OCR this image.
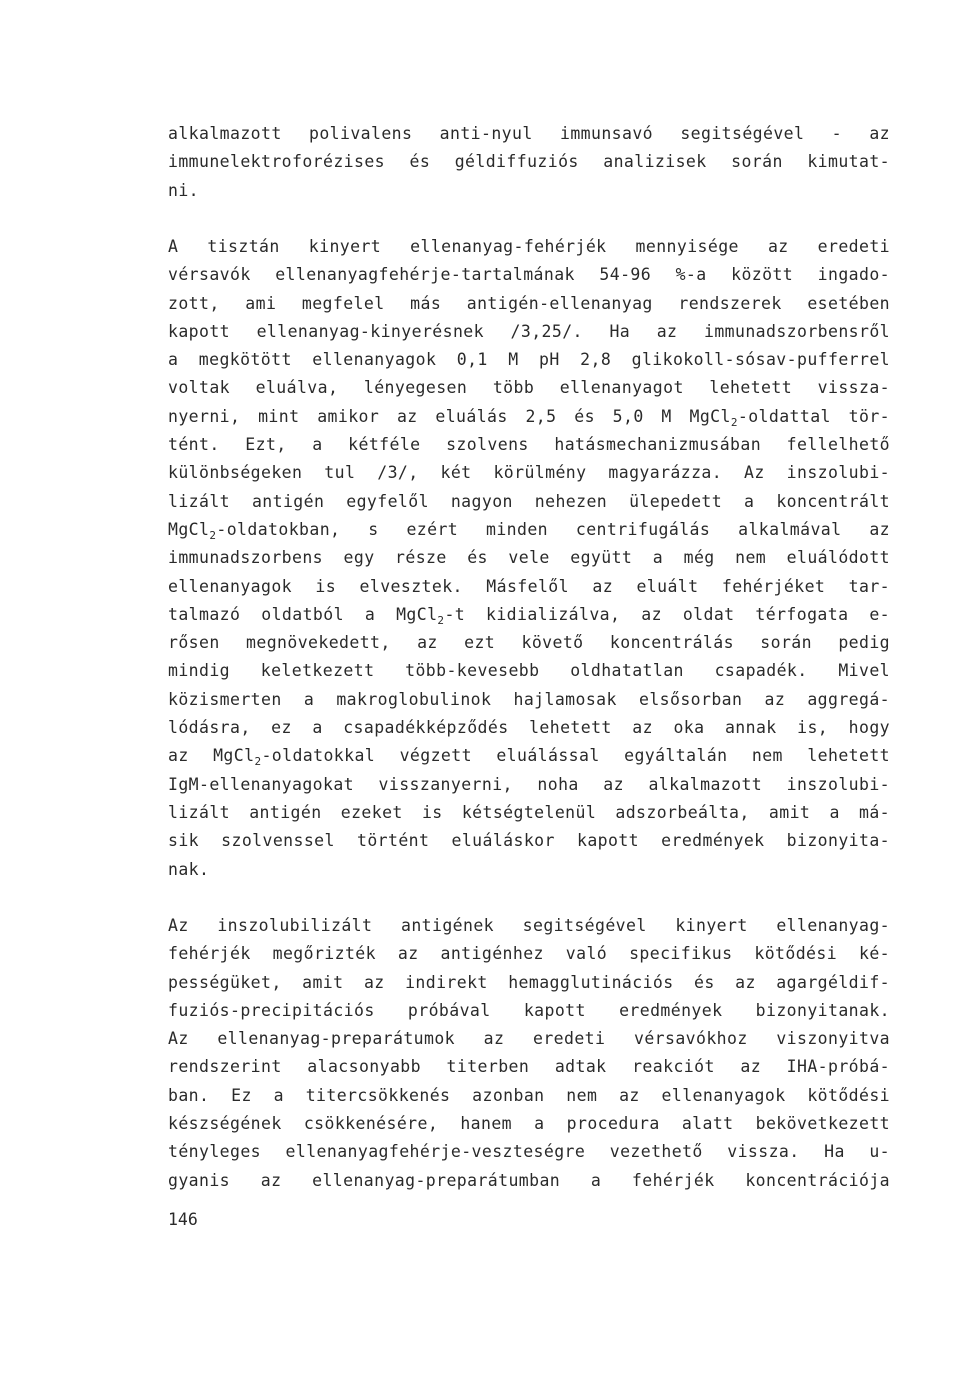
alkalmazott polivalens anti-nyul immunsavó segitségével - az
immunelektroforézises és géldiffuziós analizisek során kimutat-
ni.
A tisztán kinyert ellenanyag-fehérjék mennyisége az eredeti
vérsavók ellenanyagfehérje-tartalmának 54-96 %-a között ingado-
zott, ami megfelel más antigén-ellenanyag rendszerek esetében
kapott ellenanyag-kinyerésnek /3,25/. Ha az immunadszorbensről
a megkötött ellenanyagok 0,1 M pH 2,8 glikokoll-sósav-pufferrel
voltak eluálva, lényegesen több ellenanyagot lehetett vissza-
nyerni, mint amikor az eluálás 2,5 és 5,0 M MgCl$_2$-oldattal tör-
tént. Ezt, a kétféle szolvens hatásmechanizmusában fellelhető
különbségeken tul /3/, két körülmény magyarázza. Az inszolubi-
lizált antigén egyfelől nagyon nehezen ülepedett a koncentrált
MgCl$_2$-oldatokban, s ezért minden centrifugálás alkalmával az
immunadszorbens egy része és vele együtt a még nem eluálódott
ellenanyagok is elvesztek. Másfelől az eluált fehérjéket tar-
talmazó oldatból a MgCl$_2$-t kidializálva, az oldat térfogata e-
rősen megnövekedett, az ezt követő koncentrálás során pedig
mindig keletkezett több-kevesebb oldhatatlan csapadék. Mivel
közismerten a makroglobulinok hajlamosak elsősorban az aggregá-
lódásra, ez a csapadékképződés lehetett az oka annak is, hogy
az MgCl$_2$-oldatokkal végzett eluálással egyáltalán nem lehetett
IgM-ellenanyagokat visszanyerni, noha az alkalmazott inszolubi-
lizált antigén ezeket is kétségtelenül adszorbeálta, amit a má-
sik szolvenssel történt eluáláskor kapott eredmények bizonyita-
nak.
Az inszolubilizált antigének segitségével kinyert ellenanyag-
fehérjék megőrizték az antigénhez való specifikus kötődési ké-
pességüket, amit az indirekt hemagglutinációs és az agargéldif-
fuziós-precipitációs próbával kapott eredmények bizonyitanak.
Az ellenanyag-preparátumok az eredeti vérsavókhoz viszonyitva
rendszerint alacsonyabb titerben adtak reakciót az IHA-próbá-
ban. Ez a titercsökkenés azonban nem az ellenanyagok kötődési
készségének csökkenésére, hanem a procedura alatt bekövetkezett
tényleges ellenanyagfehérje-veszteségre vezethető vissza. Ha u-
gyanis az ellenanyag-preparátumban a fehérjék koncentrációja
146
